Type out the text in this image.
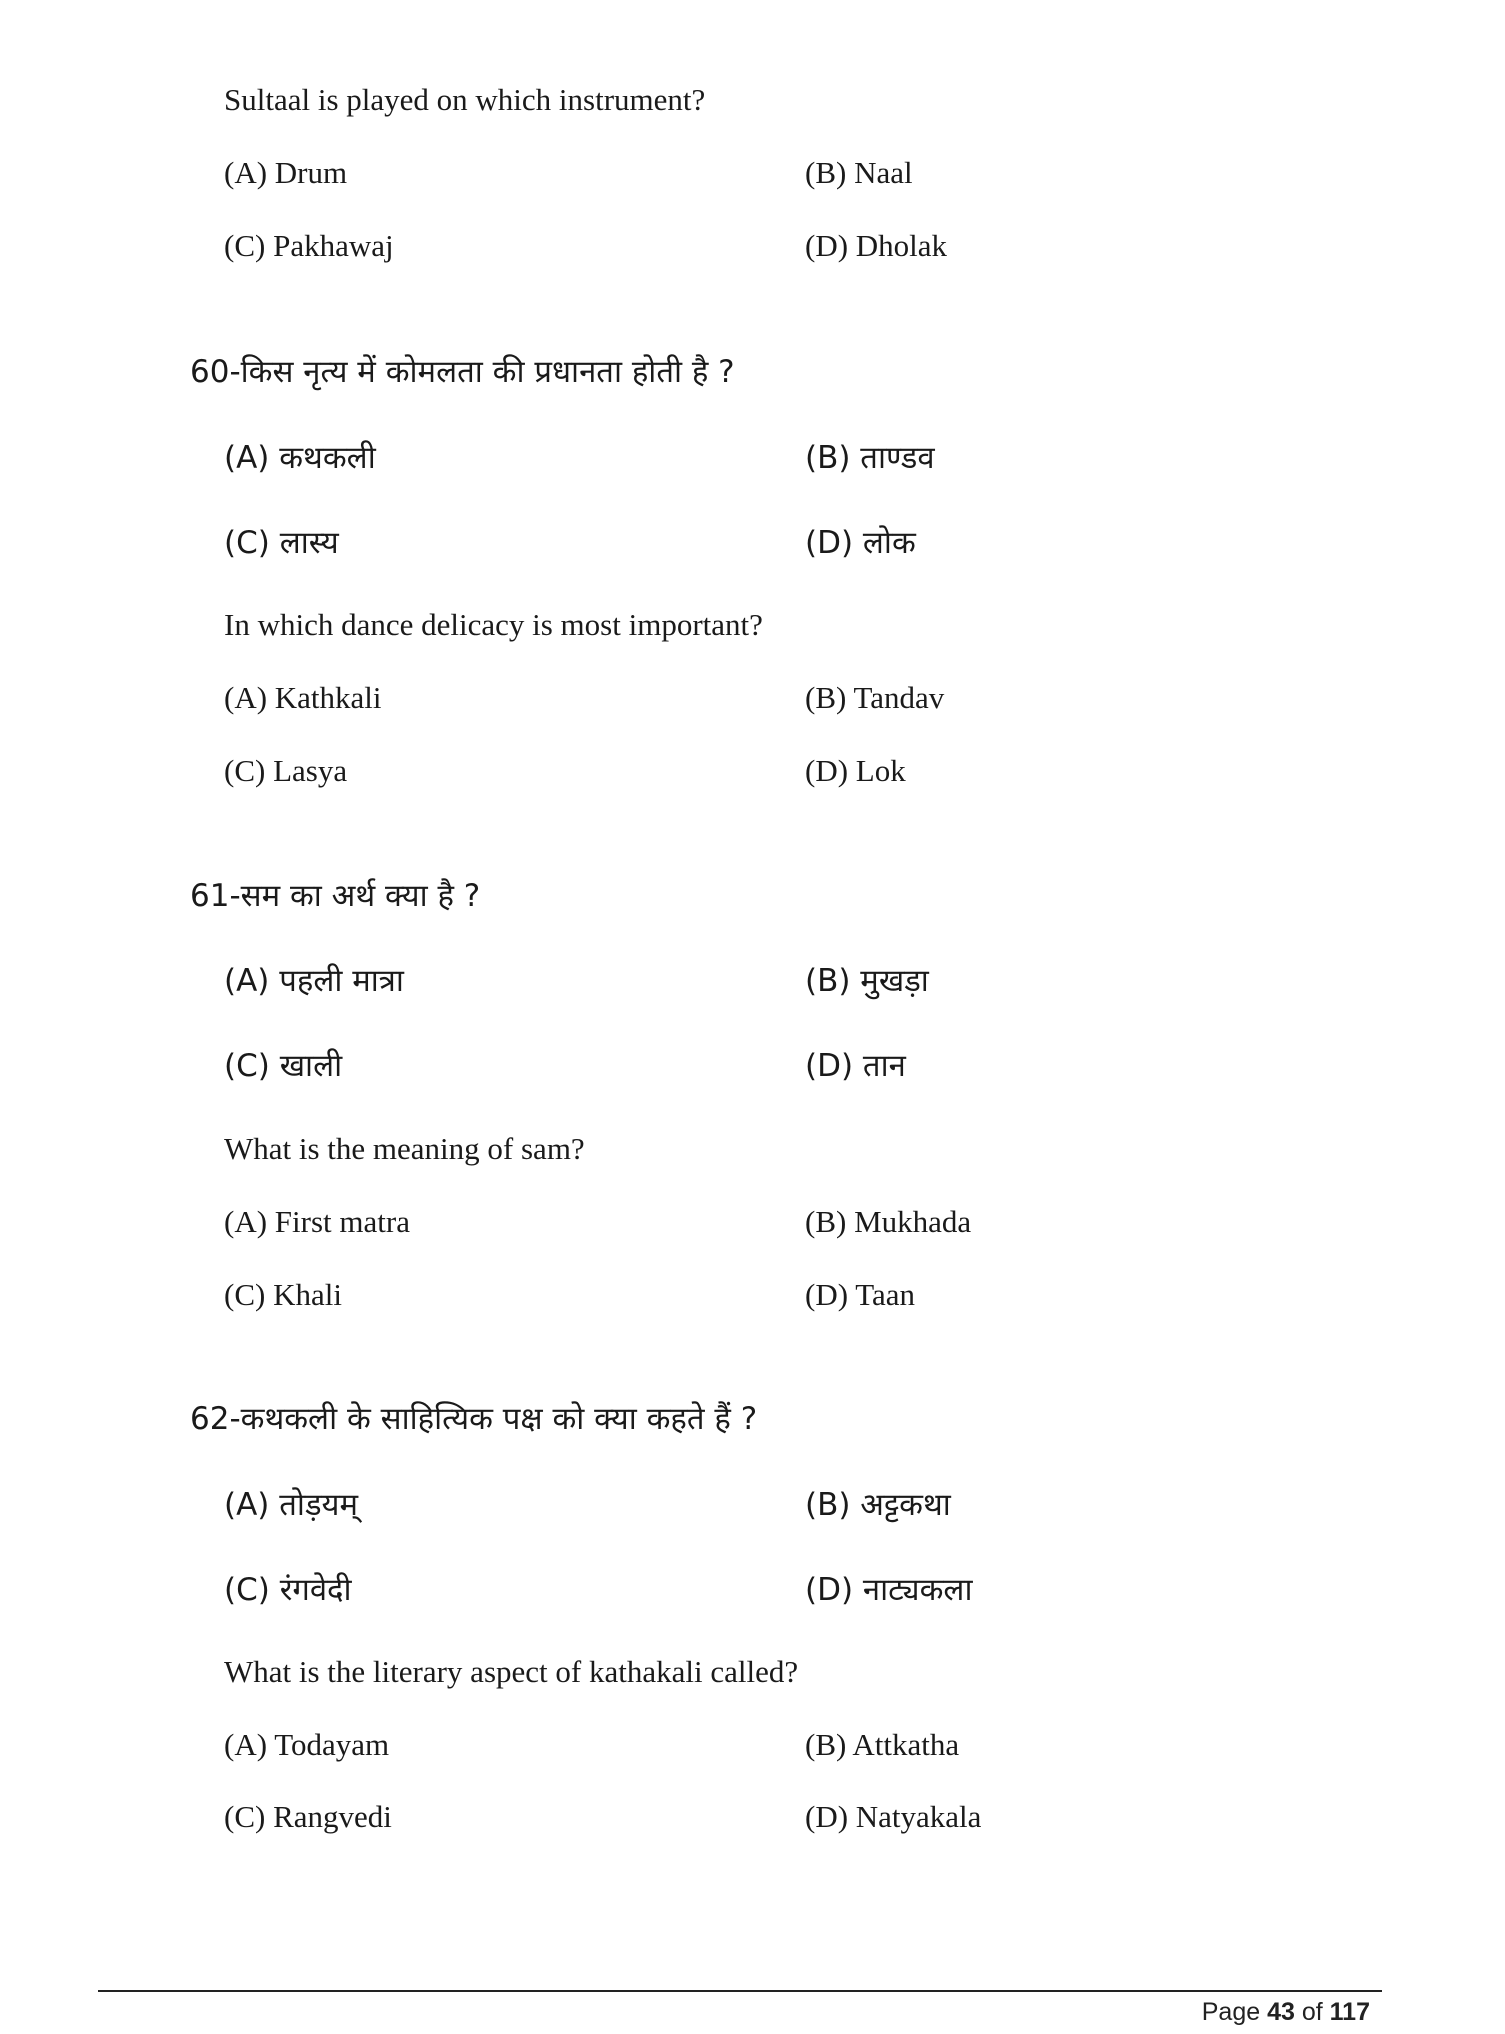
Sultaal is played on which instrument?
(A) Drum	(B) Naal
(C) Pakhawaj	(D) Dholak
60-किस नृत्य में कोमलता की प्रधानता होती है ?
(A) कथकली	(B) ताण्डव
(C) लास्य	(D) लोक
In which dance delicacy is most important?
(A) Kathkali	(B) Tandav
(C) Lasya	(D) Lok
61-सम का अर्थ क्या है ?
(A) पहली मात्रा	(B) मुखड़ा
(C) खाली	(D) तान
What is the meaning of sam?
(A) First matra	(B) Mukhada
(C) Khali	(D) Taan
62-कथकली के साहित्यिक पक्ष को क्या कहते हैं ?
(A) तोड़यम्	(B) अट्टकथा
(C) रंगवेदी	(D) नाट्यकला
What is the literary aspect of kathakali called?
(A) Todayam	(B) Attkatha
(C) Rangvedi	(D) Natyakala
Page 43 of 117
